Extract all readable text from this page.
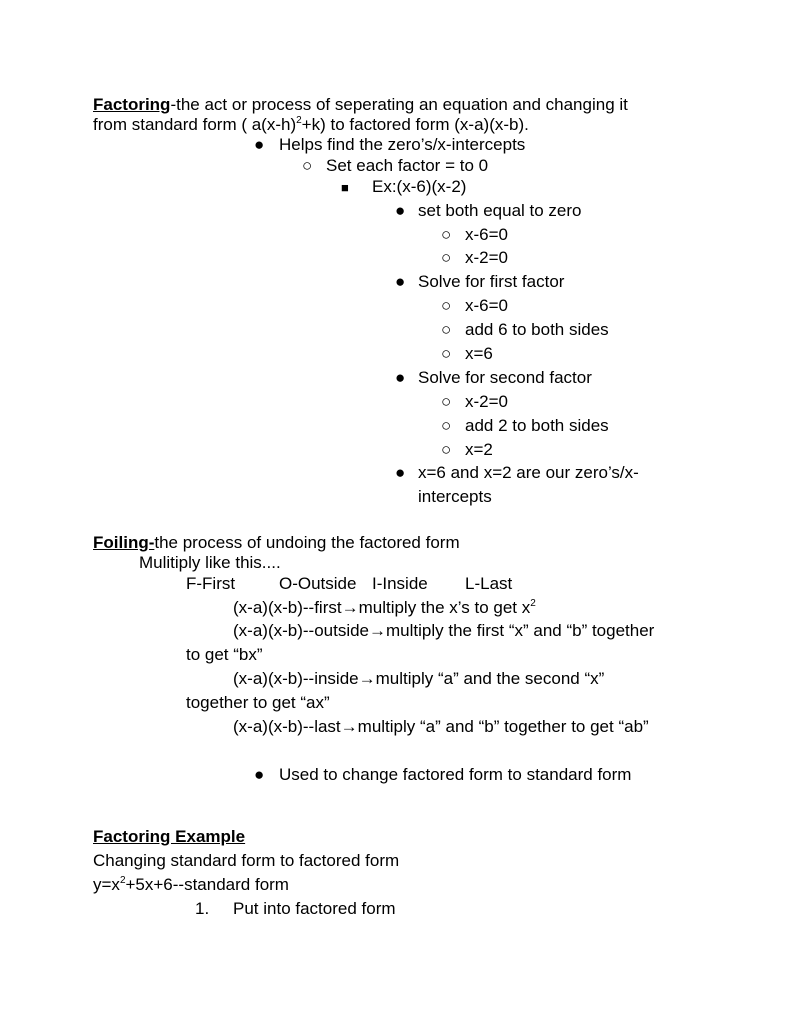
Factoring-the act or process of seperating an equation and changing it
from standard form ( $a(x-h)^2+k$) to factored form (x-a)(x-b).
● Helps find the zero’s/x-intercepts
○ Set each factor = to 0
■ Ex:(x-6)(x-2)
● set both equal to zero
○ x-6=0
○ x-2=0
● Solve for first factor
○ x-6=0
○ add 6 to both sides
○ x=6
● Solve for second factor
○ x-2=0
○ add 2 to both sides
○ x=2
● x=6 and x=2 are our zero’s/x-
intercepts
Foiling-the process of undoing the factored form
Mulitiply like this....
F-First	O-Outside I-Inside L-Last
(x-a)(x-b)--first→multiply the x’s to get $x^2$
(x-a)(x-b)--outside→multiply the first “x” and “b” together
to get “bx”
(x-a)(x-b)--inside→multiply “a” and the second “x”
together to get “ax”
(x-a)(x-b)--last→multiply “a” and “b” together to get “ab”
● Used to change factored form to standard form
Factoring Example
Changing standard form to factored form
$y=x^2+5x+6-$-standard form
1. Put into factored form
